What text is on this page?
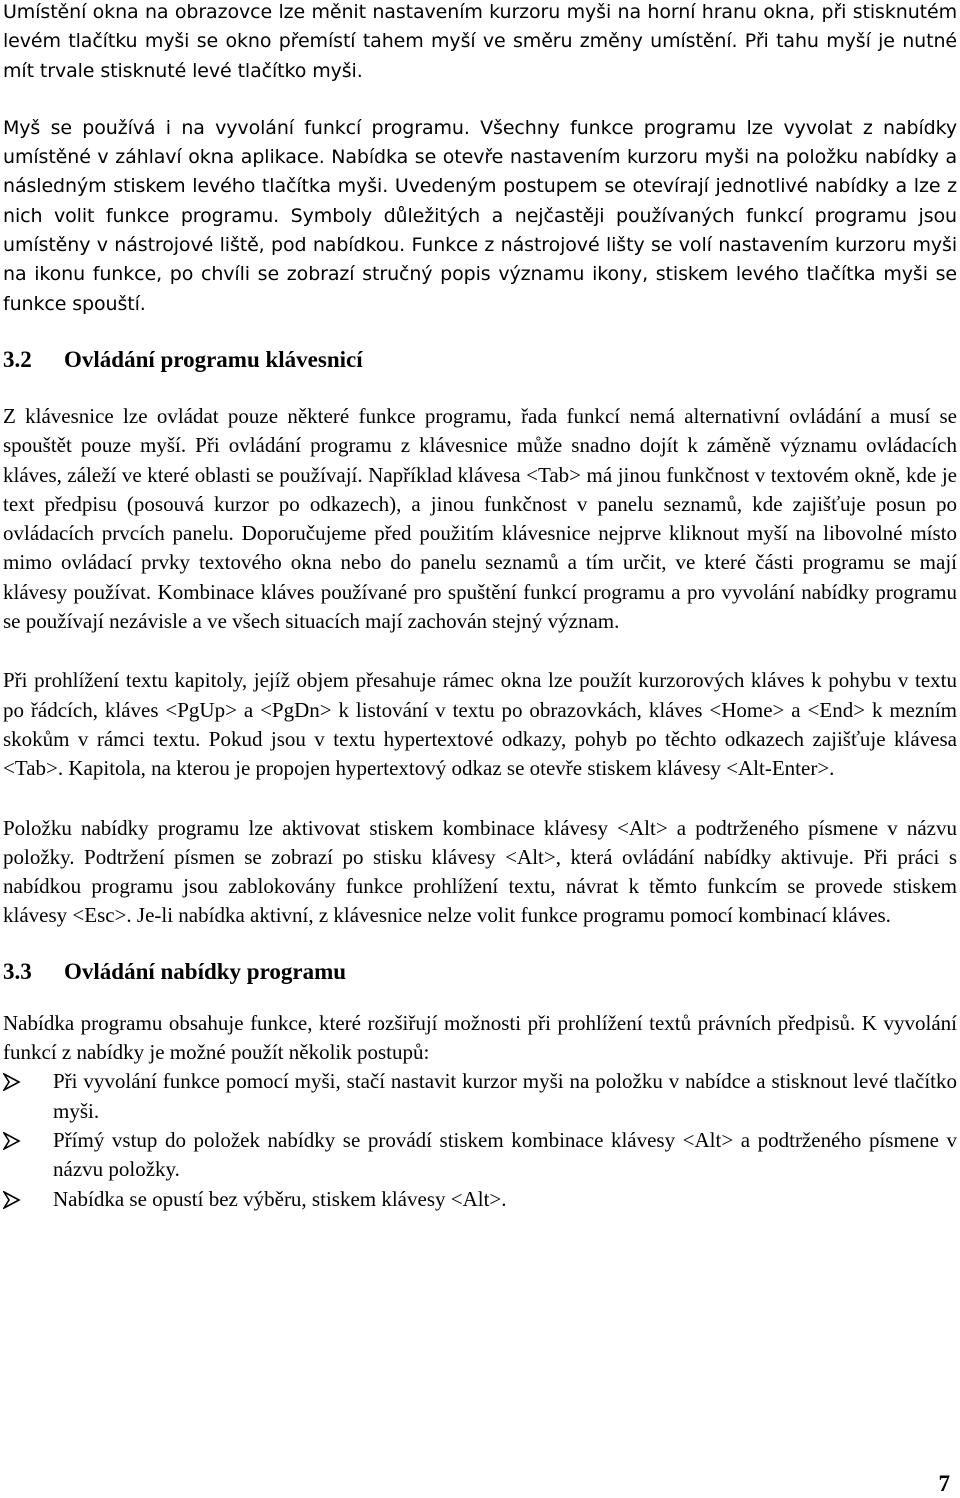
Umístění okna na obrazovce lze měnit nastavením kurzoru myši na horní hranu okna, při stisknutém levém tlačítku myši se okno přemístí tahem myší ve směru změny umístění. Při tahu myší je nutné mít trvale stisknuté levé tlačítko myši.

Myš se používá i na vyvolání funkcí programu. Všechny funkce programu lze vyvolat z nabídky umístěné v záhlaví okna aplikace. Nabídka se otevře nastavením kurzoru myši na položku nabídky a následným stiskem levého tlačítka myši. Uvedeným postupem se otevírají jednotlivé nabídky a lze z nich volit funkce programu. Symboly důležitých a nejčastěji používaných funkcí programu jsou umístěny v nástrojové liště, pod nabídkou. Funkce z nástrojové lišty se volí nastavením kurzoru myši na ikonu funkce, po chvíli se zobrazí stručný popis významu ikony, stiskem levého tlačítka myši se funkce spouští.

3.2	Ovládání programu klávesnicí

Z klávesnice lze ovládat pouze některé funkce programu, řada funkcí nemá alternativní ovládání a musí se spouštět pouze myší. Při ovládání programu z klávesnice může snadno dojít k záměně významu ovládacích kláves, záleží ve které oblasti se používají. Například klávesa <Tab> má jinou funkčnost v textovém okně, kde je text předpisu (posouvá kurzor po odkazech), a jinou funkčnost v panelu seznamů, kde zajišťuje posun po ovládacích prvcích panelu. Doporučujeme před použitím klávesnice nejprve kliknout myší na libovolné místo mimo ovládací prvky textového okna nebo do panelu seznamů a tím určit, ve které části programu se mají klávesy používat. Kombinace kláves používané pro spuštění funkcí programu a pro vyvolání nabídky programu se používají nezávisle a ve všech situacích mají zachován stejný význam.

Při prohlížení textu kapitoly, jejíž objem přesahuje rámec okna lze použít kurzorových kláves k pohybu v textu po řádcích, kláves <PgUp> a <PgDn> k listování v textu po obrazovkách, kláves <Home> a <End> k mezním skokům v rámci textu. Pokud jsou v textu hypertextové odkazy, pohyb po těchto odkazech zajišťuje klávesa <Tab>. Kapitola, na kterou je propojen hypertextový odkaz se otevře stiskem klávesy <Alt-Enter>.

Položku nabídky programu lze aktivovat stiskem kombinace klávesy <Alt> a podtrženého písmene v názvu položky. Podtržení písmen se zobrazí po stisku klávesy <Alt>, která ovládání nabídky aktivuje. Při práci s nabídkou programu jsou zablokovány funkce prohlížení textu, návrat k těmto funkcím se provede stiskem klávesy <Esc>. Je-li nabídka aktivní, z klávesnice nelze volit funkce programu pomocí kombinací kláves.

3.3	Ovládání nabídky programu

Nabídka programu obsahuje funkce, které rozšiřují možnosti při prohlížení textů právních předpisů. K vyvolání funkcí z nabídky je možné použít několik postupů:

Při vyvolání funkce pomocí myši, stačí nastavit kurzor myši na položku v nabídce a stisknout levé tlačítko myši.
Přímý vstup do položek nabídky se provádí stiskem kombinace klávesy <Alt> a podtrženého písmene v názvu položky.
Nabídka se opustí bez výběru, stiskem klávesy <Alt>.
7
